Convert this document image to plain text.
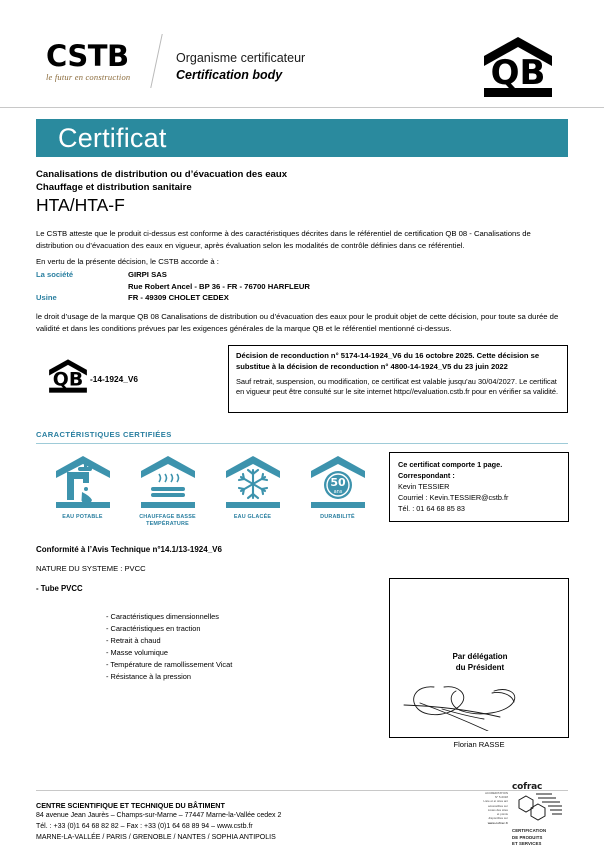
CSTB
le futur en construction
Organisme certificateur
Certification body	QB
Certificat
Canalisations de distribution ou d’évacuation des eaux
Chauffage et distribution sanitaire
HTA/HTA-F
Le CSTB atteste que le produit ci-dessus est conforme à des caractéristiques décrites dans le référentiel de certification QB 08 - Canalisations de distribution ou d’évacuation des eaux en vigueur, après évaluation selon les modalités de contrôle définies dans ce référentiel.
En vertu de la présente décision, le CSTB accorde à :
La société	GIRPI SAS
Rue Robert Ancel - BP 36 - FR - 76700 HARFLEUR
Usine	FR - 49309 CHOLET CEDEX
le droit d’usage de la marque QB 08 Canalisations de distribution ou d’évacuation des eaux pour le produit objet de cette décision, pour toute sa durée de validité et dans les conditions prévues par les exigences générales de la marque QB et le référentiel mentionné ci-dessus.
QB -14-1924_V6
Décision de reconduction n° 5174-14-1924_V6 du 16 octobre 2025. Cette décision se substitue à la décision de reconduction n° 4800-14-1924_V5 du 23 juin 2022
Sauf retrait, suspension, ou modification, ce certificat est valable jusqu’au 30/04/2027. Le certificat en vigueur peut être consulté sur le site internet httpc//evaluation.cstb.fr pour en vérifier sa validité.
CARACTÉRISTIQUES CERTIFIÉES
EAU POTABLE	CHAUFFAGE BASSE TEMPÉRATURE
EAU GLACÉE
50
ans
DURABILITÉ
Ce certificat comporte 1 page.
Correspondant :
Kevin TESSIER
Courriel : Kevin.TESSIER@cstb.fr
Tél. : 01 64 68 85 83
Conformité à l’Avis Technique n°14.1/13-1924_V6
NATURE DU SYSTEME : PVCC
- Tube PVCC
- Caractéristiques dimensionnelles
- Caractéristiques en traction
- Retrait à chaud
- Masse volumique
- Température de ramollissement Vicat
- Résistance à la pression
Par délégation
du Président
Florian RASSE
CENTRE SCIENTIFIQUE ET TECHNIQUE DU BÂTIMENT
84 avenue Jean Jaurès – Champs-sur-Marne – 77447 Marne-la-Vallée cedex 2
Tél. : +33 (0)1 64 68 82 82 – Fax : +33 (0)1 64 68 89 94 – www.cstb.fr
MARNE-LA-VALLÉE / PARIS / GRENOBLE / NANTES / SOPHIA ANTIPOLIS
ACCREDITATION
N° 5-0018
Liste et et sites ant
accessibles sur
Listes des sites
et points
disponibles sur
www.cofrac.fr
cofrac
CERTIFICATION
DE PRODUITS
ET SERVICES
